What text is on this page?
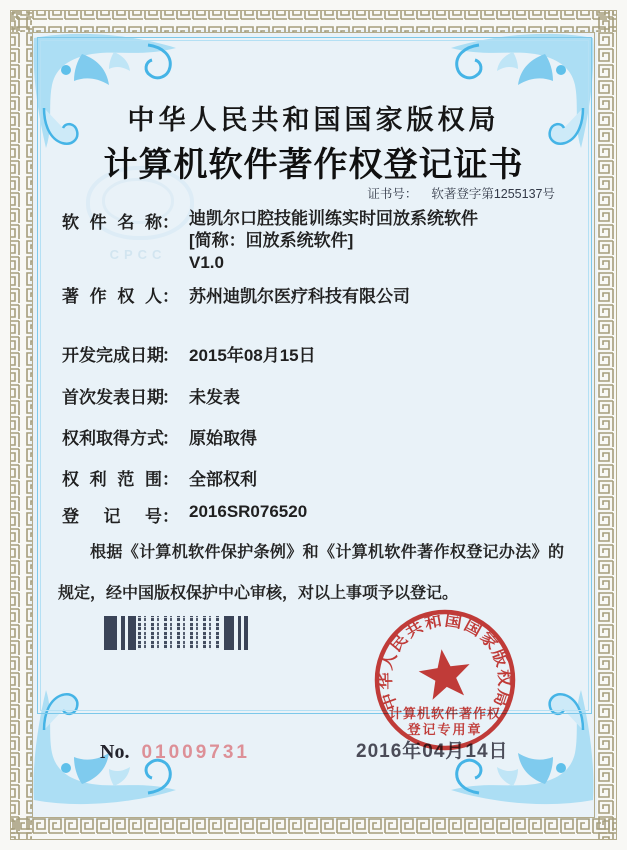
CPCC
中华人民共和国国家版权局
计算机软件著作权登记证书
证书号： 软著登字第1255137号
软件名称 ： 迪凯尔口腔技能训练实时回放系统软件
[简称：回放系统软件]
V1.0
著作权人 ： 苏州迪凯尔医疗科技有限公司
开发完成日期
： 2015年08月15日
首次发表日期
： 未发表
权利取得方式
： 原始取得
权利范围 ： 全部权利
登记号 ： 2016SR076520
根据《计算机软件保护条例》和《计算机软件著作权登记办法》的规定，经中国版权保护中心审核，对以上事项予以登记。
No. 01009731	2016年04月14日
中华人民共和国国家版权局
计算机软件著作权
登记专用章
